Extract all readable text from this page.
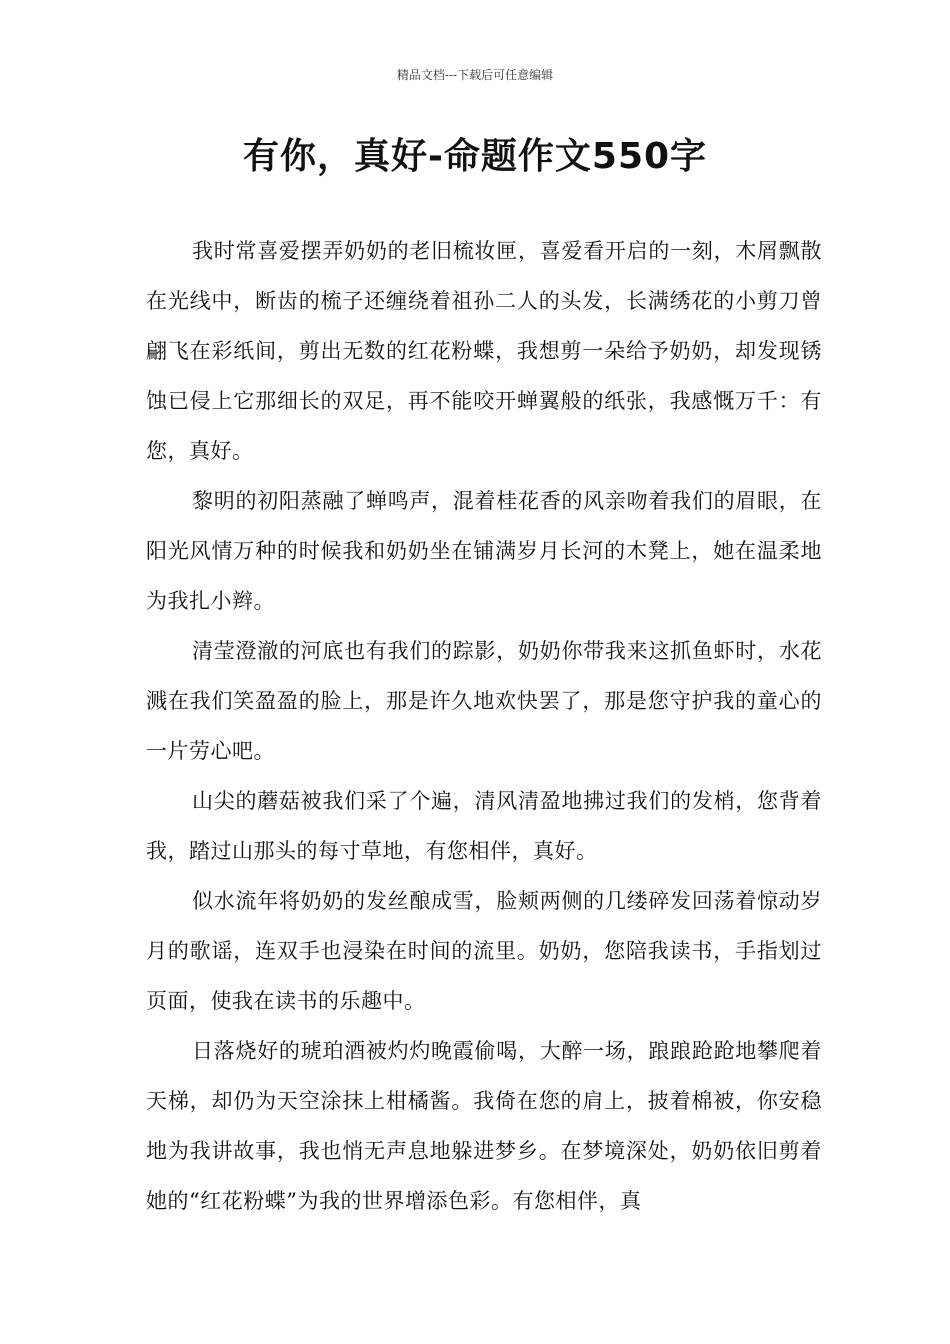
精品文档---下载后可任意编辑
有你，真好-命题作文550字

我时常喜爱摆弄奶奶的老旧梳妆匣，喜爱看开启的一刻，木屑飘散在光线中，断齿的梳子还缠绕着祖孙二人的头发，长满绣花的小剪刀曾翩飞在彩纸间，剪出无数的红花粉蝶，我想剪一朵给予奶奶，却发现锈蚀已侵上它那细长的双足，再不能咬开蝉翼般的纸张，我感慨万千：有您，真好。

黎明的初阳蒸融了蝉鸣声，混着桂花香的风亲吻着我们的眉眼，在阳光风情万种的时候我和奶奶坐在铺满岁月长河的木凳上，她在温柔地为我扎小辫。

清莹澄澈的河底也有我们的踪影，奶奶你带我来这抓鱼虾时，水花溅在我们笑盈盈的脸上，那是许久地欢快罢了，那是您守护我的童心的一片劳心吧。

山尖的蘑菇被我们采了个遍，清风清盈地拂过我们的发梢，您背着我，踏过山那头的每寸草地，有您相伴，真好。

似水流年将奶奶的发丝酿成雪，脸颊两侧的几缕碎发回荡着惊动岁月的歌谣，连双手也浸染在时间的流里。奶奶，您陪我读书，手指划过页面，使我在读书的乐趣中。

日落烧好的琥珀酒被灼灼晚霞偷喝，大醉一场，踉踉跄跄地攀爬着天梯，却仍为天空涂抹上柑橘酱。我倚在您的肩上，披着棉被，你安稳地为我讲故事，我也悄无声息地躲进梦乡。在梦境深处，奶奶依旧剪着她的“红花粉蝶”为我的世界增添色彩。有您相伴，真
